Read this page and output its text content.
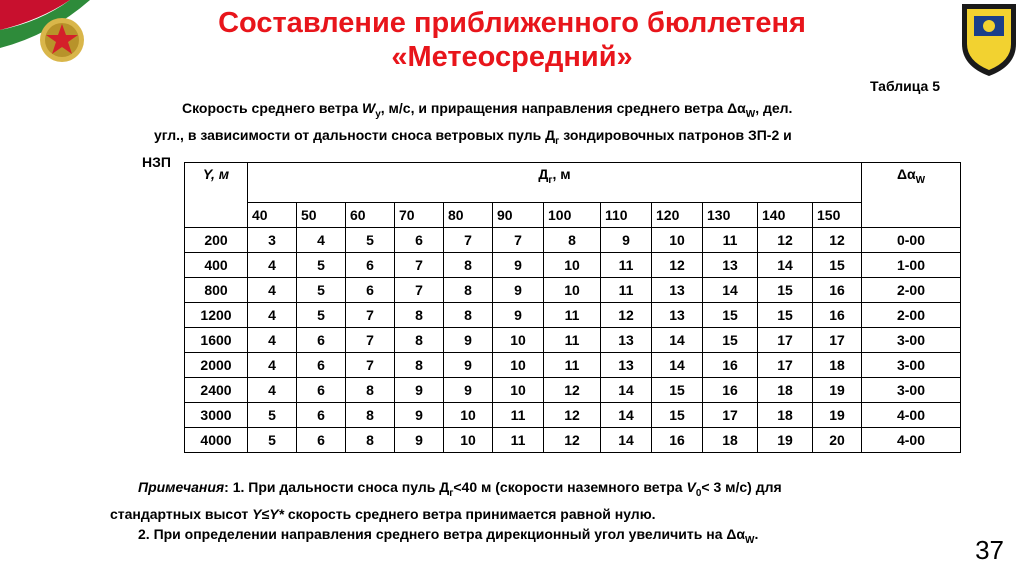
Составление приближенного бюллетеня
«Метеосредний»
Таблица 5

Скорость среднего ветра $W_y$, м/с, и приращения направления среднего ветра $\Delta\alpha_W$, дел.

угл., в зависимости от дальности сноса ветровых пуль $Д_г$ зондировочных патронов ЗП-2 и

НЗП

Y, м	$Д_г$, м												$\Delta\alpha_W$
	40	50	60	70	80	90	100	110	120	130	140	150	
200	3	4	5	6	7	7	8	9	10	11	12	12	0-00
400	4	5	6	7	8	9	10	11	12	13	14	15	1-00
800	4	5	6	7	8	9	10	11	13	14	15	16	2-00
1200	4	5	7	8	8	9	11	12	13	15	15	16	2-00
1600	4	6	7	8	9	10	11	13	14	15	17	17	3-00
2000	4	6	7	8	9	10	11	13	14	16	17	18	3-00
2400	4	6	8	9	9	10	12	14	15	16	18	19	3-00
3000	5	6	8	9	10	11	12	14	15	17	18	19	4-00
4000	5	6	8	9	10	11	12	14	16	18	19	20	4-00

Примечания: 1. При дальности сноса пуль $Д_г<40$ м (скорости наземного ветра $V_0< 3$ м/с) для

стандартных высот Y≤Y* скорость среднего ветра принимается равной нулю.

2. При определении направления среднего ветра дирекционный угол увеличить на $\Delta\alpha_W$.

37
